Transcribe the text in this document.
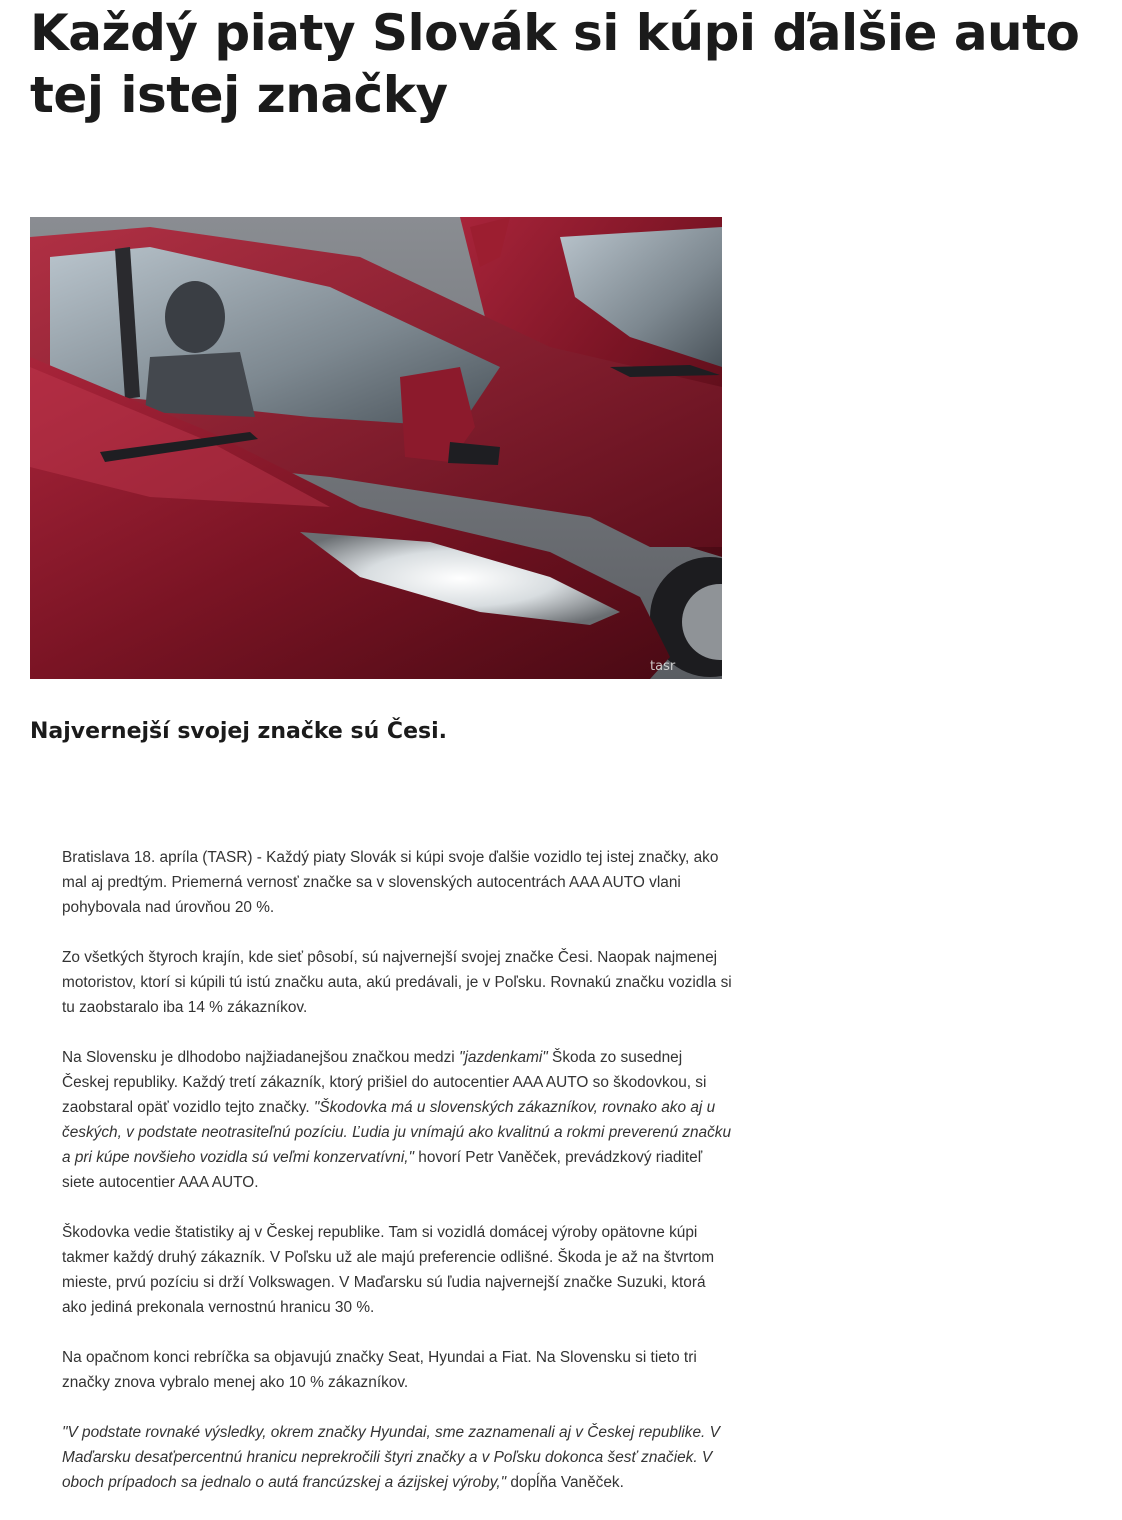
Každý piaty Slovák si kúpi ďalšie auto tej istej značky
tasr
Najvernejší svojej značke sú Česi.

Bratislava 18. apríla (TASR) - Každý piaty Slovák si kúpi svoje ďalšie vozidlo tej istej značky, ako mal aj predtým. Priemerná vernosť značke sa v slovenských autocentrách AAA AUTO vlani pohybovala nad úrovňou 20 %.

Zo všetkých štyroch krajín, kde sieť pôsobí, sú najvernejší svojej značke Česi. Naopak najmenej motoristov, ktorí si kúpili tú istú značku auta, akú predávali, je v Poľsku. Rovnakú značku vozidla si tu zaobstaralo iba 14 % zákazníkov.

Na Slovensku je dlhodobo najžiadanejšou značkou medzi "jazdenkami" Škoda zo susednej Českej republiky. Každý tretí zákazník, ktorý prišiel do autocentier AAA AUTO so škodovkou, si zaobstaral opäť vozidlo tejto značky. "Škodovka má u slovenských zákazníkov, rovnako ako aj u českých, v podstate neotrasiteľnú pozíciu. Ľudia ju vnímajú ako kvalitnú a rokmi preverenú značku a pri kúpe novšieho vozidla sú veľmi konzervatívni," hovorí Petr Vaněček, prevádzkový riaditeľ siete autocentier AAA AUTO.

Škodovka vedie štatistiky aj v Českej republike. Tam si vozidlá domácej výroby opätovne kúpi takmer každý druhý zákazník. V Poľsku už ale majú preferencie odlišné. Škoda je až na štvrtom mieste, prvú pozíciu si drží Volkswagen. V Maďarsku sú ľudia najvernejší značke Suzuki, ktorá ako jediná prekonala vernostnú hranicu 30 %.

Na opačnom konci rebríčka sa objavujú značky Seat, Hyundai a Fiat. Na Slovensku si tieto tri značky znova vybralo menej ako 10 % zákazníkov.

"V podstate rovnaké výsledky, okrem značky Hyundai, sme zaznamenali aj v Českej republike. V Maďarsku desaťpercentnú hranicu neprekročili štyri značky a v Poľsku dokonca šesť značiek. V oboch prípadoch sa jednalo o autá francúzskej a ázijskej výroby," dopĺňa Vaněček.
